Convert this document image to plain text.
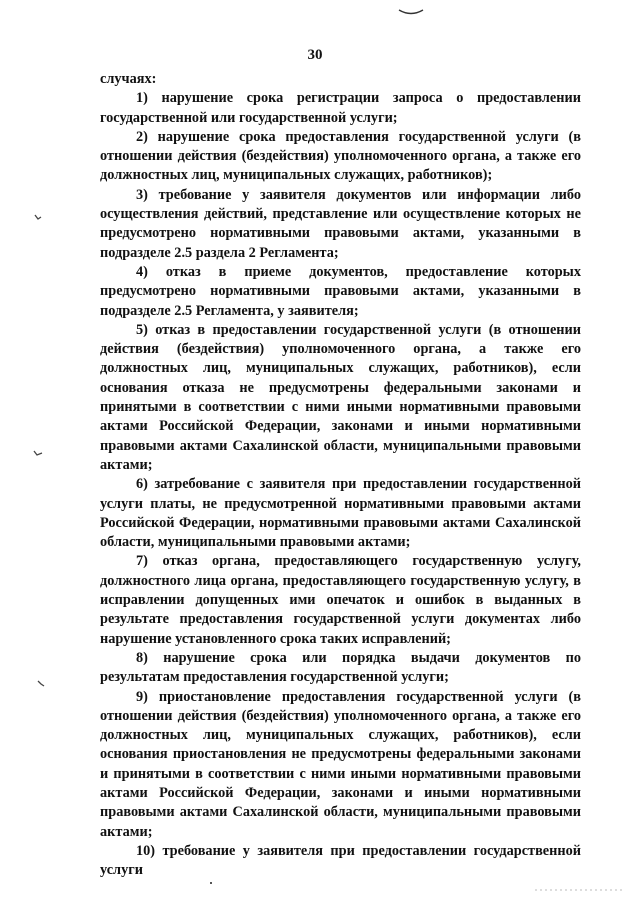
30

случаях:

1) нарушение срока регистрации запроса о предоставлении государственной или государственной услуги;

2) нарушение срока предоставления государственной услуги (в отношении действия (бездействия) уполномоченного органа, а также его должностных лиц, муниципальных служащих, работников);

3) требование у заявителя документов или информации либо осуществления действий, представление или осуществление которых не предусмотрено нормативными правовыми актами, указанными в подразделе 2.5 раздела 2 Регламента;

4) отказ в приеме документов, предоставление которых предусмотрено нормативными правовыми актами, указанными в подразделе 2.5 Регламента, у заявителя;

5) отказ в предоставлении государственной услуги (в отношении действия (бездействия) уполномоченного органа, а также его должностных лиц, муниципальных служащих, работников), если основания отказа не предусмотрены федеральными законами и принятыми в соответствии с ними иными нормативными правовыми актами Российской Федерации, законами и иными нормативными правовыми актами Сахалинской области, муниципальными правовыми актами;

6) затребование с заявителя при предоставлении государственной услуги платы, не предусмотренной нормативными правовыми актами Российской Федерации, нормативными правовыми актами Сахалинской области, муниципальными правовыми актами;

7) отказ органа, предоставляющего государственную услугу, должностного лица органа, предоставляющего государственную услугу, в исправлении допущенных ими опечаток и ошибок в выданных в результате предоставления государственной услуги документах либо нарушение установленного срока таких исправлений;

8) нарушение срока или порядка выдачи документов по результатам предоставления государственной услуги;

9) приостановление предоставления государственной услуги (в отношении действия (бездействия) уполномоченного органа, а также его должностных лиц, муниципальных служащих, работников), если основания приостановления не предусмотрены федеральными законами и принятыми в соответствии с ними иными нормативными правовыми актами Российской Федерации, законами и иными нормативными правовыми актами Сахалинской области, муниципальными правовыми актами;

10) требование у заявителя при предоставлении государственной услуги
